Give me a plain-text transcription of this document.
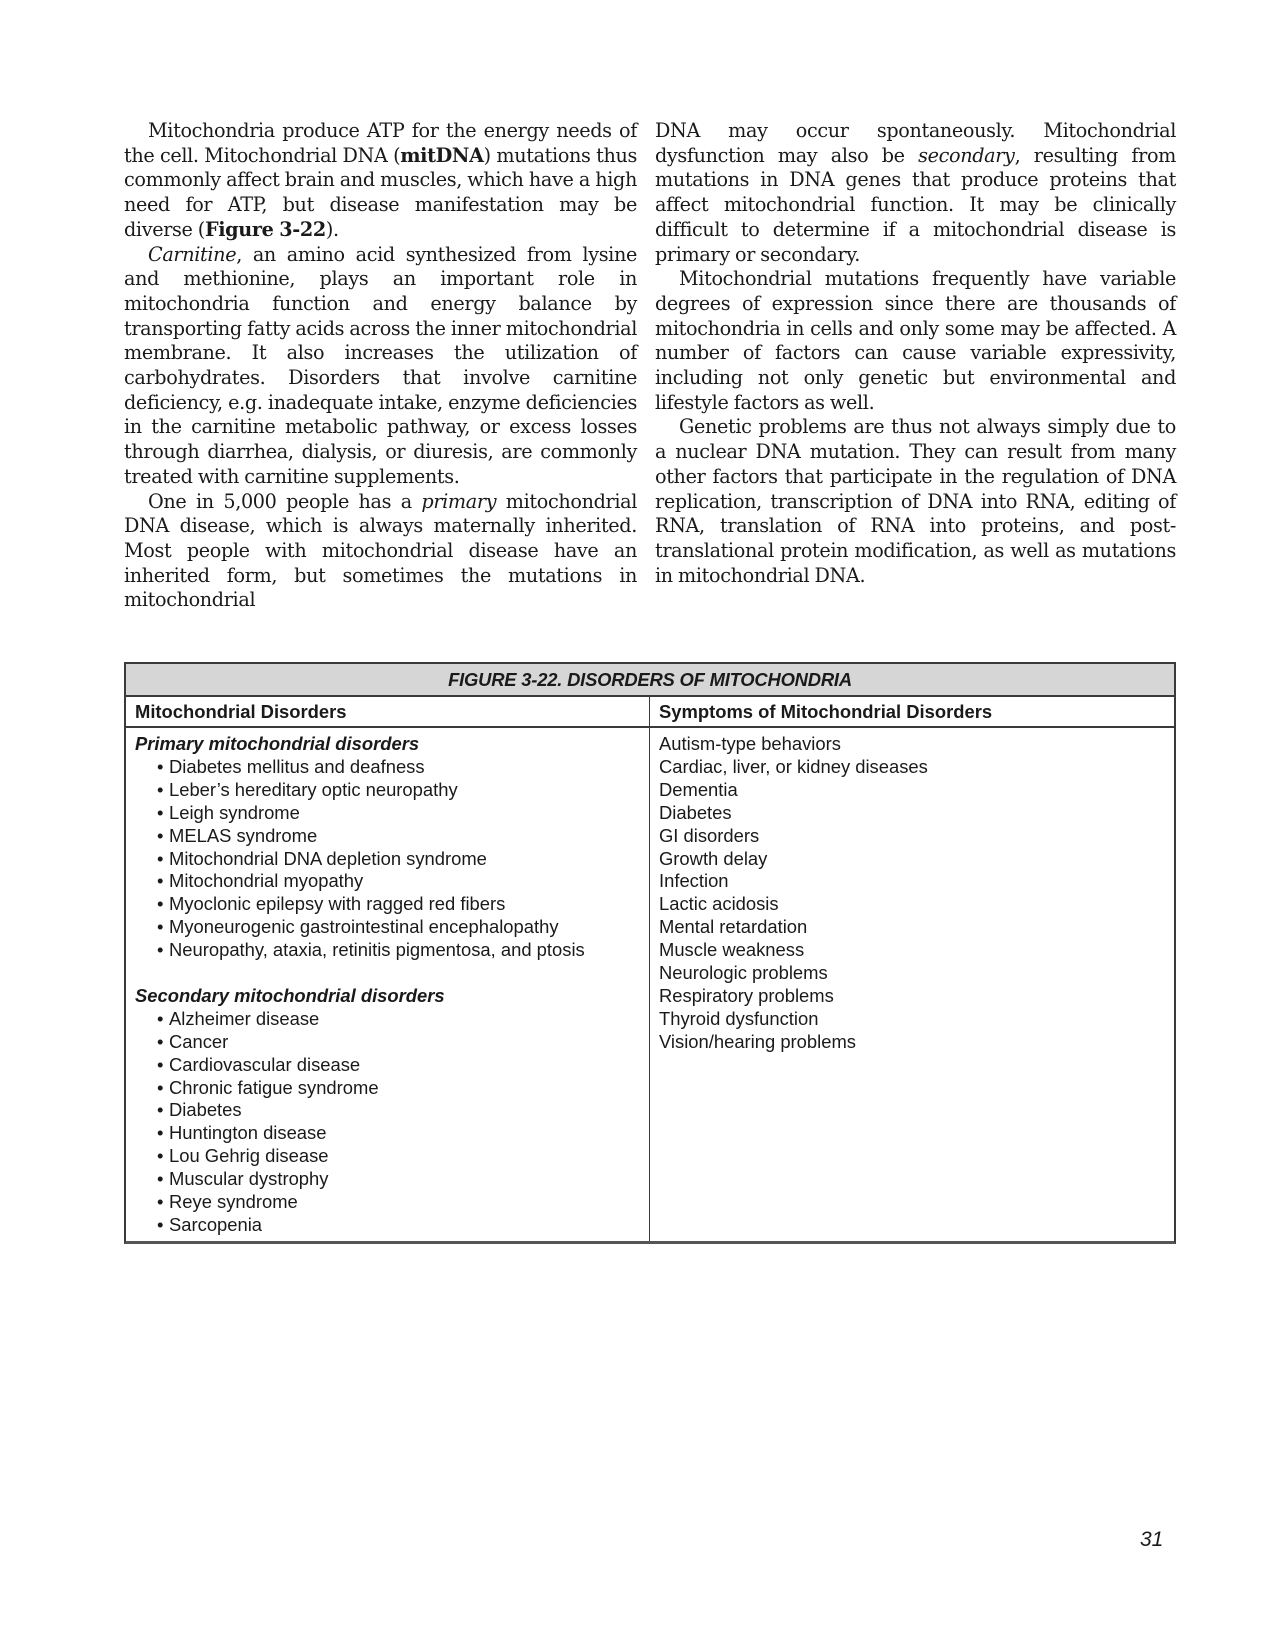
Mitochondria produce ATP for the energy needs of the cell. Mitochondrial DNA (mitDNA) mutations thus commonly affect brain and muscles, which have a high need for ATP, but disease manifestation may be diverse (Figure 3-22).

Carnitine, an amino acid synthesized from lysine and methionine, plays an important role in mitochondria function and energy balance by transporting fatty acids across the inner mitochondrial membrane. It also increases the utilization of carbohydrates. Disorders that involve carnitine deficiency, e.g. inadequate intake, enzyme deficiencies in the carnitine metabolic pathway, or excess losses through diarrhea, dialysis, or diuresis, are commonly treated with carnitine supplements.

One in 5,000 people has a primary mitochondrial DNA disease, which is always maternally inherited. Most people with mitochondrial disease have an inherited form, but sometimes the mutations in mitochondrial

DNA may occur spontaneously. Mitochondrial dysfunction may also be secondary, resulting from mutations in DNA genes that produce proteins that affect mitochondrial function. It may be clinically difficult to determine if a mitochondrial disease is primary or secondary.

Mitochondrial mutations frequently have variable degrees of expression since there are thousands of mitochondria in cells and only some may be affected. A number of factors can cause variable expressivity, including not only genetic but environmental and lifestyle factors as well.

Genetic problems are thus not always simply due to a nuclear DNA mutation. They can result from many other factors that participate in the regulation of DNA replication, transcription of DNA into RNA, editing of RNA, translation of RNA into proteins, and post-translational protein modification, as well as mutations in mitochondrial DNA.

FIGURE 3-22. DISORDERS OF MITOCHONDRIA
Mitochondrial Disorders
Primary mitochondrial disorders
• Diabetes mellitus and deafness
• Leber’s hereditary optic neuropathy
• Leigh syndrome
• MELAS syndrome
• Mitochondrial DNA depletion syndrome
• Mitochondrial myopathy
• Myoclonic epilepsy with ragged red fibers
• Myoneurogenic gastrointestinal encephalopathy
• Neuropathy, ataxia, retinitis pigmentosa, and ptosis
Secondary mitochondrial disorders
• Alzheimer disease
• Cancer
• Cardiovascular disease
• Chronic fatigue syndrome
• Diabetes
• Huntington disease
• Lou Gehrig disease
• Muscular dystrophy
• Reye syndrome
• Sarcopenia
Symptoms of Mitochondrial Disorders
Autism-type behaviors
Cardiac, liver, or kidney diseases
Dementia
Diabetes
GI disorders
Growth delay
Infection
Lactic acidosis
Mental retardation
Muscle weakness
Neurologic problems
Respiratory problems
Thyroid dysfunction
Vision/hearing problems
31
